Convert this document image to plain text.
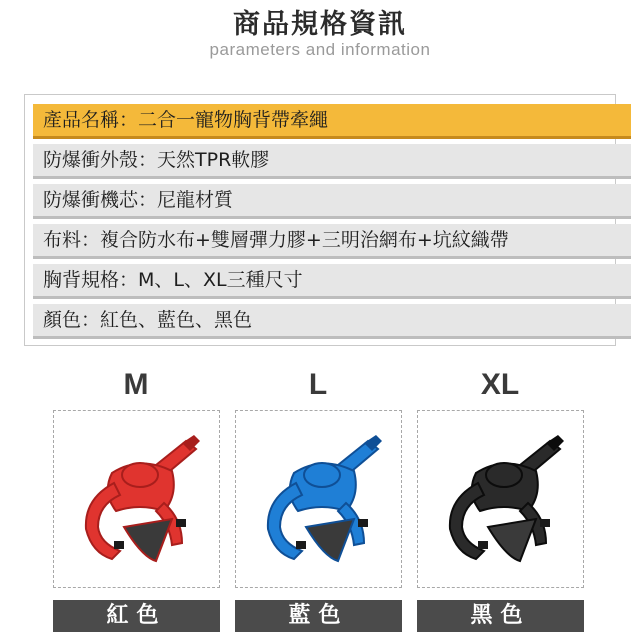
商品規格資訊
parameters and information
產品名稱：二合一寵物胸背帶牽繩
防爆衝外殼：天然TPR軟膠
防爆衝機芯：尼龍材質
布料：複合防水布+雙層彈力膠+三明治網布+坑紋織帶
胸背規格：M、L、XL三種尺寸
顏色：紅色、藍色、黑色
M	L	XL
紅色	藍色	黑色
